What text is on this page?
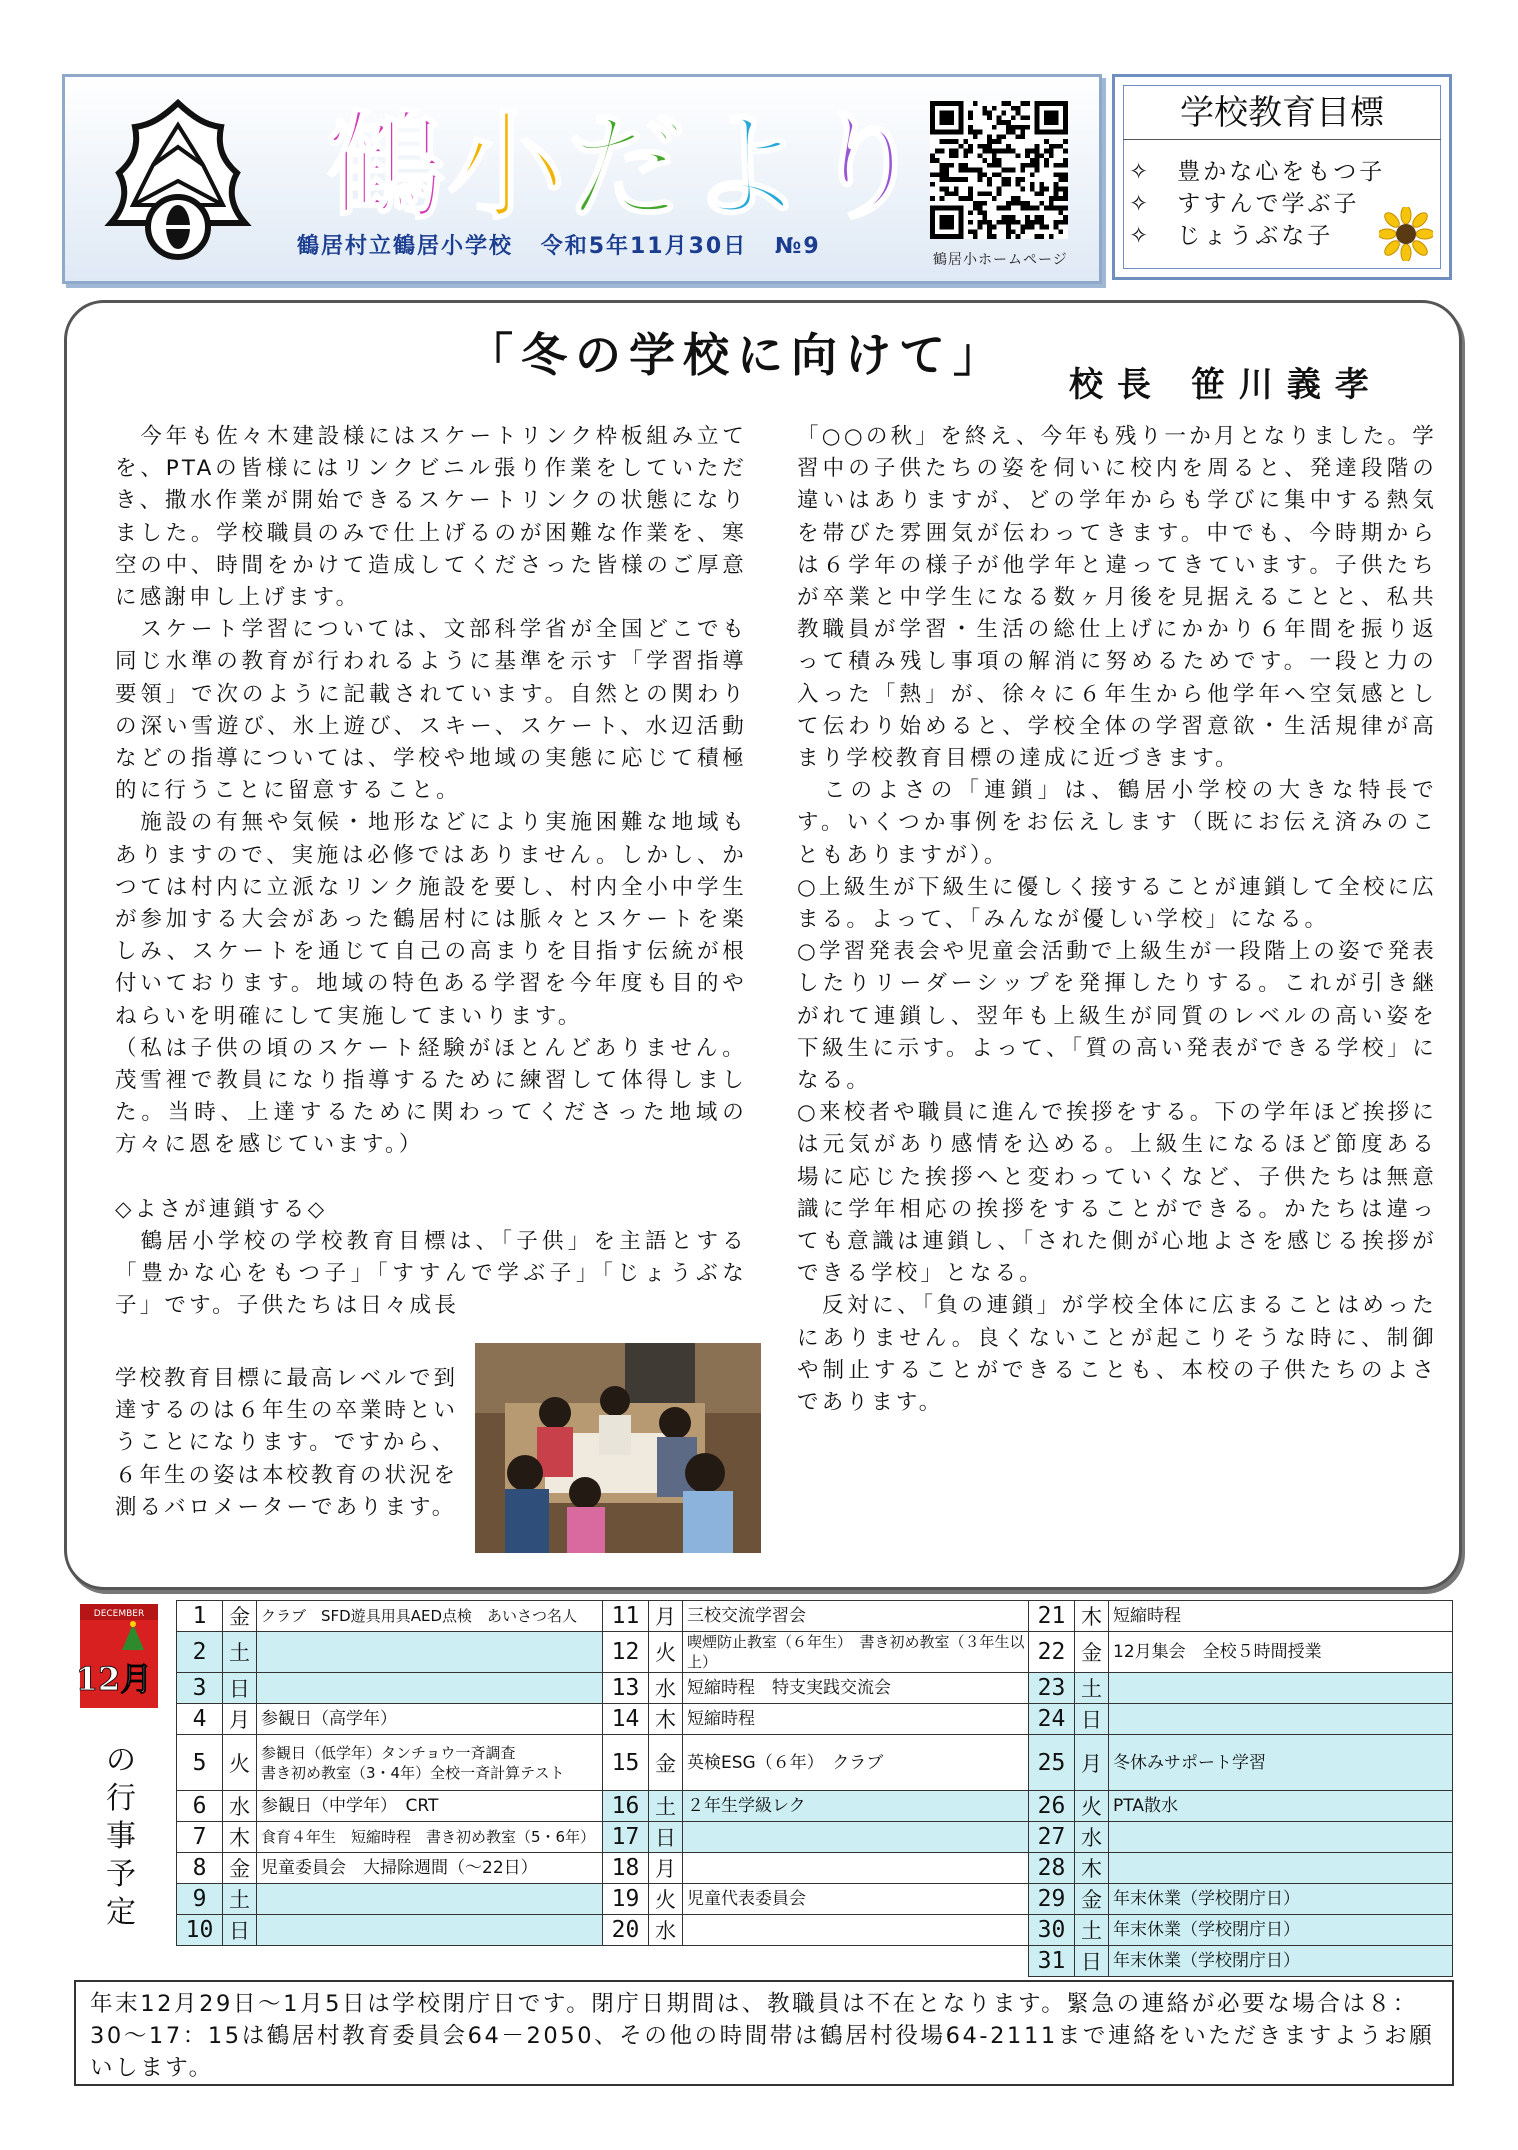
鶴 小 だ よ り
鶴居村立鶴居小学校 令和5年11月30日 №9
鶴居小ホームページ
学校教育目標
✧　豊かな心をもつ子
✧　すすんで学ぶ子
✧　じょうぶな子
「冬の学校に向けて」
校長 笹川義孝

　今年も佐々木建設様にはスケートリンク枠板組み立てを、PTAの皆様にはリンクビニル張り作業をしていただき、撒水作業が開始できるスケートリンクの状態になりました。学校職員のみで仕上げるのが困難な作業を、寒空の中、時間をかけて造成してくださった皆様のご厚意に感謝申し上げます。

　スケート学習については、文部科学省が全国どこでも同じ水準の教育が行われるように基準を示す「学習指導要領」で次のように記載されています。自然との関わりの深い雪遊び、氷上遊び、スキー、スケート、水辺活動などの指導については、学校や地域の実態に応じて積極的に行うことに留意すること。

　施設の有無や気候・地形などにより実施困難な地域もありますので、実施は必修ではありません。しかし、かつては村内に立派なリンク施設を要し、村内全小中学生が参加する大会があった鶴居村には脈々とスケートを楽しみ、スケートを通じて自己の高まりを目指す伝統が根付いております。地域の特色ある学習を今年度も目的やねらいを明確にして実施してまいります。

（私は子供の頃のスケート経験がほとんどありません。茂雪裡で教員になり指導するために練習して体得しました。当時、上達するために関わってくださった地域の方々に恩を感じています。）

◇よさが連鎖する◇

　鶴居小学校の学校教育目標は、「子供」を主語とする「豊かな心をもつ子」「すすんで学ぶ子」「じょうぶな子」です。子供たちは日々成長

学校教育目標に最高レベルで到達するのは６年生の卒業時ということになります。ですから、６年生の姿は本校教育の状況を測るバロメーターであります。

「○○の秋」を終え、今年も残り一か月となりました。学習中の子供たちの姿を伺いに校内を周ると、発達段階の違いはありますが、どの学年からも学びに集中する熱気を帯びた雰囲気が伝わってきます。中でも、今時期からは６学年の様子が他学年と違ってきています。子供たちが卒業と中学生になる数ヶ月後を見据えることと、私共教職員が学習・生活の総仕上げにかかり６年間を振り返って積み残し事項の解消に努めるためです。一段と力の入った「熱」が、徐々に６年生から他学年へ空気感として伝わり始めると、学校全体の学習意欲・生活規律が高まり学校教育目標の達成に近づきます。

　このよさの「連鎖」は、鶴居小学校の大きな特長です。いくつか事例をお伝えします（既にお伝え済みのこともありますが）。

○上級生が下級生に優しく接することが連鎖して全校に広まる。よって、「みんなが優しい学校」になる。

○学習発表会や児童会活動で上級生が一段階上の姿で発表したりリーダーシップを発揮したりする。これが引き継がれて連鎖し、翌年も上級生が同質のレベルの高い姿を下級生に示す。よって、「質の高い発表ができる学校」になる。

○来校者や職員に進んで挨拶をする。下の学年ほど挨拶には元気があり感情を込める。上級生になるほど節度ある場に応じた挨拶へと変わっていくなど、子供たちは無意識に学年相応の挨拶をすることができる。かたちは違っても意識は連鎖し、「された側が心地よさを感じる挨拶ができる学校」となる。

　反対に、「負の連鎖」が学校全体に広まることはめったにありません。良くないことが起こりそうな時に、制御や制止することができることも、本校の子供たちのよさであります。

DECEMBER
12月
の行事予定
1	金	クラブ　SFD遊具用具AED点検　あいさつ名人	11	月	三校交流学習会	21	木	短縮時程
2	土		12	火	喫煙防止教室（６年生）　書き初め教室（３年生以上）	22	金	12月集会　全校５時間授業
3	日		13	水	短縮時程　特支実践交流会	23	土	
4	月	参観日（高学年）	14	木	短縮時程	24	日	
5	火	参観日（低学年）タンチョウ一斉調査
書き初め教室（3・4年）全校一斉計算テスト	15	金	英検ESG（６年）　クラブ	25	月	冬休みサポート学習
6	水	参観日（中学年）　CRT	16	土	２年生学級レク	26	火	PTA散水
7	木	食育４年生　短縮時程　書き初め教室（5・6年）	17	日		27	水	
8	金	児童委員会　大掃除週間（～22日）	18	月		28	木	
9	土		19	火	児童代表委員会	29	金	年末休業（学校閉庁日）
10	日		20	水		30	土	年末休業（学校閉庁日）
						31	日	年末休業（学校閉庁日）
年末12月29日～1月5日は学校閉庁日です。閉庁日期間は、教職員は不在となります。緊急の連絡が必要な場合は８：30～17：15は鶴居村教育委員会64－2050、その他の時間帯は鶴居村役場64‐2111まで連絡をいただきますようお願いします。
